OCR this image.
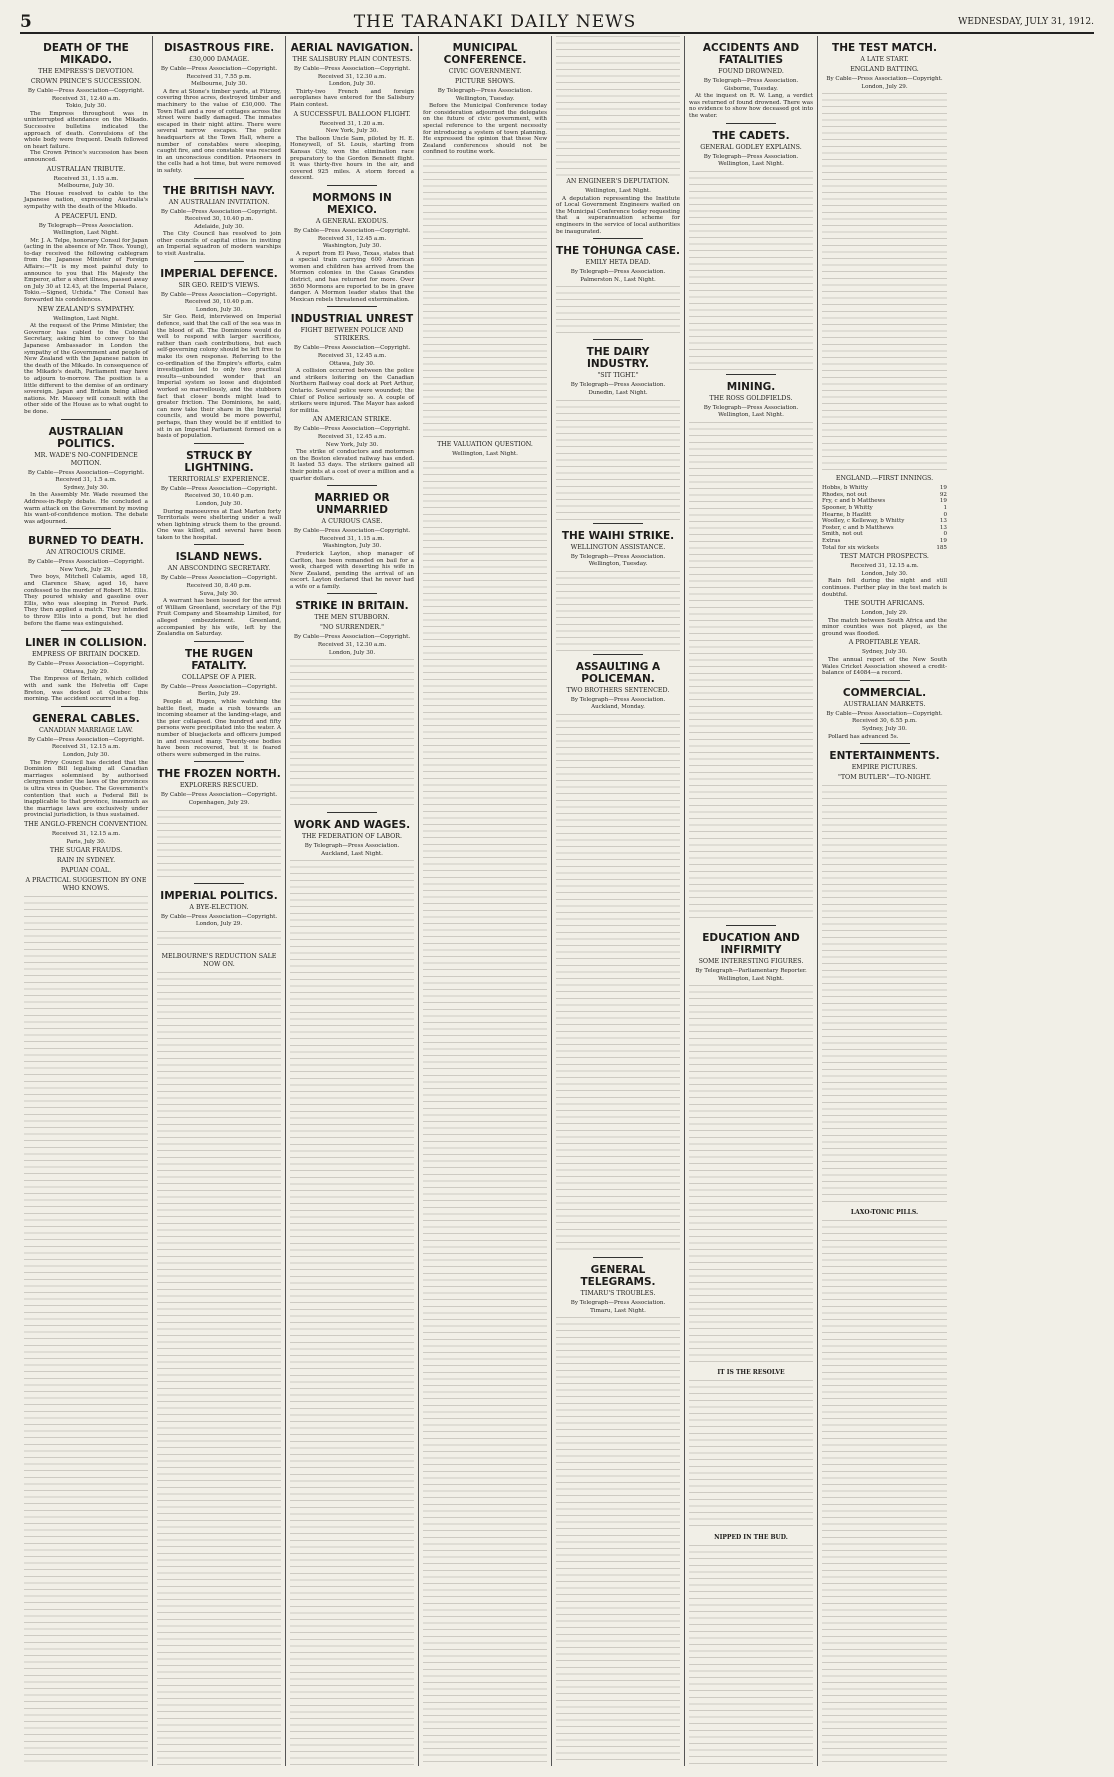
5	THE TARANAKI DAILY NEWS	WEDNESDAY, JULY 31, 1912.
DEATH OF THE MIKADO.
THE EMPRESS'S DEVOTION.
CROWN PRINCE'S SUCCESSION.
By Cable—Press Association—Copyright.
Received 31, 12.40 a.m.
Tokio, July 30.

The Empress throughout was in uninterrupted attendance on the Mikado. Successive bulletins indicated the approach of death. Convulsions of the whole body were frequent. Death followed on heart failure.

The Crown Prince's succession has been announced.

AUSTRALIAN TRIBUTE.
Received 31, 1.15 a.m.
Melbourne, July 30.

The House resolved to cable to the Japanese nation, expressing Australia's sympathy with the death of the Mikado.

A PEACEFUL END.
By Telegraph—Press Association.
Wellington, Last Night.

Mr. J. A. Telpe, honorary Consul for Japan (acting in the absence of Mr. Thos. Young), to-day received the following cablegram from the Japanese Minister of Foreign Affairs:—"It is my most painful duty to announce to you that His Majesty the Emperor, after a short illness, passed away on July 30 at 12.43, at the Imperial Palace, Tokio.—Signed, Uchida." The Consul has forwarded his condolences.

NEW ZEALAND'S SYMPATHY.
Wellington, Last Night.

At the request of the Prime Minister, the Governor has cabled to the Colonial Secretary, asking him to convey to the Japanese Ambassador in London the sympathy of the Government and people of New Zealand with the Japanese nation in the death of the Mikado. In consequence of the Mikado's death, Parliament may have to adjourn to-morrow. The position is a little different to the demise of an ordinary sovereign. Japan and Britain being allied nations. Mr. Massey will consult with the other side of the House as to what ought to be done.

AUSTRALIAN POLITICS.
MR. WADE'S NO-CONFIDENCE MOTION.
By Cable—Press Association—Copyright.
Received 31, 1.5 a.m.
Sydney, July 30.

In the Assembly Mr. Wade resumed the Address-in-Reply debate. He concluded a warm attack on the Government by moving his want-of-confidence motion. The debate was adjourned.

BURNED TO DEATH.
AN ATROCIOUS CRIME.
By Cable—Press Association—Copyright.
New York, July 29.

Two boys, Mitchell Calamis, aged 18, and Clarence Shaw, aged 16, have confessed to the murder of Robert M. Ellis. They poured whisky and gasoline over Ellis, who was sleeping in Forest Park. They then applied a match. They intended to throw Ellis into a pond, but he died before the flame was extinguished.

LINER IN COLLISION.
EMPRESS OF BRITAIN DOCKED.
By Cable—Press Association—Copyright.
Ottawa, July 29.

The Empress of Britain, which collided with and sank the Helvetia off Cape Breton, was docked at Quebec this morning. The accident occurred in a fog.

GENERAL CABLES.
CANADIAN MARRIAGE LAW.
By Cable—Press Association—Copyright.
Received 31, 12.15 a.m.
London, July 30.

The Privy Council has decided that the Dominion Bill legalising all Canadian marriages solemnised by authorised clergymen under the laws of the provinces is ultra vires in Quebec. The Government's contention that such a Federal Bill is inapplicable to that province, inasmuch as the marriage laws are exclusively under provincial jurisdiction, is thus sustained.

THE ANGLO-FRENCH CONVENTION.
Received 31, 12.15 a.m.
Paris, July 30.
THE SUGAR FRAUDS.
RAIN IN SYDNEY.
PAPUAN COAL.
A PRACTICAL SUGGESTION BY ONE WHO KNOWS.
DISASTROUS FIRE.
£30,000 DAMAGE.
By Cable—Press Association—Copyright.
Received 31, 7.55 p.m.
Melbourne, July 30.

A fire at Stone's timber yards, at Fitzroy, covering three acres, destroyed timber and machinery to the value of £30,000. The Town Hall and a row of cottages across the street were badly damaged. The inmates escaped in their night attire. There were several narrow escapes. The police headquarters at the Town Hall, where a number of constables were sleeping, caught fire, and one constable was rescued in an unconscious condition. Prisoners in the cells had a hot time, but were removed in safety.

THE BRITISH NAVY.
AN AUSTRALIAN INVITATION.
By Cable—Press Association—Copyright.
Received 30, 10.40 p.m.
Adelaide, July 30.

The City Council has resolved to join other councils of capital cities in inviting an Imperial squadron of modern warships to visit Australia.

IMPERIAL DEFENCE.
SIR GEO. REID'S VIEWS.
By Cable—Press Association—Copyright.
Received 30, 10.40 p.m.
London, July 30.

Sir Geo. Reid, interviewed on Imperial defence, said that the call of the sea was in the blood of all. The Dominions would do well to respond with larger sacrifices, rather than cash contributions, but each self-governing colony should be left free to make its own response. Referring to the co-ordination of the Empire's efforts, calm investigation led to only two practical results—unbounded wonder that an Imperial system so loose and disjointed worked so marvellously, and the stubborn fact that closer bonds might lead to greater friction. The Dominions, he said, can now take their share in the Imperial councils, and would be more powerful, perhaps, than they would be if entitled to sit in an Imperial Parliament formed on a basis of population.

STRUCK BY LIGHTNING.
TERRITORIALS' EXPERIENCE.
By Cable—Press Association—Copyright.
Received 30, 10.40 p.m.
London, July 30.

During manoeuvres at East Marton forty Territorials were sheltering under a wall when lightning struck them to the ground. One was killed, and several have been taken to the hospital.

ISLAND NEWS.
AN ABSCONDING SECRETARY.
By Cable—Press Association—Copyright.
Received 30, 8.40 p.m.
Suva, July 30.

A warrant has been issued for the arrest of William Greenland, secretary of the Fiji Fruit Company and Steamship Limited, for alleged embezzlement. Greenland, accompanied by his wife, left by the Zealandia on Saturday.

THE RUGEN FATALITY.
COLLAPSE OF A PIER.
By Cable—Press Association—Copyright.
Berlin, July 29.

People at Rugen, while watching the battle fleet, made a rush towards an incoming steamer at the landing-stage, and the pier collapsed. One hundred and fifty persons were precipitated into the water. A number of bluejackets and officers jumped in and rescued many. Twenty-one bodies have been recovered, but it is feared others were submerged in the ruins.

THE FROZEN NORTH.
EXPLORERS RESCUED.
By Cable—Press Association—Copyright.
Copenhagen, July 29.
IMPERIAL POLITICS.
A BYE-ELECTION.
By Cable—Press Association—Copyright.
London, July 29.
MELBOURNE'S REDUCTION SALE NOW ON.
AERIAL NAVIGATION.
THE SALISBURY PLAIN CONTESTS.
By Cable—Press Association—Copyright.
Received 31, 12.30 a.m.
London, July 30.

Thirty-two French and foreign aeroplanes have entered for the Salisbury Plain contest.

A SUCCESSFUL BALLOON FLIGHT.
Received 31, 1.20 a.m.
New York, July 30.

The balloon Uncle Sam, piloted by H. E. Honeywell, of St. Louis, starting from Kansas City, won the elimination race preparatory to the Gordon Bennett flight. It was thirty-five hours in the air, and covered 925 miles. A storm forced a descent.

MORMONS IN MEXICO.
A GENERAL EXODUS.
By Cable—Press Association—Copyright.
Received 31, 12.45 a.m.
Washington, July 30.

A report from El Paso, Texas, states that a special train carrying 600 American women and children has arrived from the Mormon colonies in the Casas Grandes district, and has returned for more. Over 3650 Mormons are reported to be in grave danger. A Mormon leader states that the Mexican rebels threatened extermination.

INDUSTRIAL UNREST
FIGHT BETWEEN POLICE AND STRIKERS.
By Cable—Press Association—Copyright.
Received 31, 12.45 a.m.
Ottawa, July 30.

A collision occurred between the police and strikers loitering on the Canadian Northern Railway coal dock at Port Arthur, Ontario. Several police were wounded; the Chief of Police seriously so. A couple of strikers were injured. The Mayor has asked for militia.

AN AMERICAN STRIKE.
By Cable—Press Association—Copyright.
Received 31, 12.45 a.m.
New York, July 30.

The strike of conductors and motormen on the Boston elevated railway has ended. It lasted 53 days. The strikers gained all their points at a cost of over a million and a quarter dollars.

MARRIED OR UNMARRIED
A CURIOUS CASE.
By Cable—Press Association—Copyright.
Received 31, 1.15 a.m.
Washington, July 30.

Frederick Layton, shop manager of Carlton, has been remanded on bail for a week, charged with deserting his wife in New Zealand, pending the arrival of an escort. Layton declared that he never had a wife or a family.

STRIKE IN BRITAIN.
THE MEN STUBBORN.
"NO SURRENDER."
By Cable—Press Association—Copyright.
Received 31, 12.30 a.m.
London, July 30.
WORK AND WAGES.
THE FEDERATION OF LABOR.
By Telegraph—Press Association.
Auckland, Last Night.
MUNICIPAL CONFERENCE.
CIVIC GOVERNMENT.
PICTURE SHOWS.
By Telegraph—Press Association.
Wellington, Tuesday.

Before the Municipal Conference today for consideration adjourned the delegates on the future of civic government, with special reference to the urgent necessity for introducing a system of town planning. He expressed the opinion that these New Zealand conferences should not be confined to routine work.

THE VALUATION QUESTION.
Wellington, Last Night.
AN ENGINEER'S DEPUTATION.
Wellington, Last Night.

A deputation representing the Institute of Local Government Engineers waited on the Municipal Conference today requesting that a superannuation scheme for engineers in the service of local authorities be inaugurated.

THE TOHUNGA CASE.
EMILY HETA DEAD.
By Telegraph—Press Association.
Palmerston N., Last Night.
THE DAIRY INDUSTRY.
"SIT TIGHT."
By Telegraph—Press Association.
Dunedin, Last Night.
THE WAIHI STRIKE.
WELLINGTON ASSISTANCE.
By Telegraph—Press Association.
Wellington, Tuesday.
ASSAULTING A POLICEMAN.
TWO BROTHERS SENTENCED.
By Telegraph—Press Association.
Auckland, Monday.
GENERAL TELEGRAMS.
TIMARU'S TROUBLES.
By Telegraph—Press Association.
Timaru, Last Night.
ACCIDENTS AND FATALITIES
FOUND DROWNED.
By Telegraph—Press Association.
Gisborne, Tuesday.

At the inquest on R. W. Lang, a verdict was returned of found drowned. There was no evidence to show how deceased got into the water.

THE CADETS.
GENERAL GODLEY EXPLAINS.
By Telegraph—Press Association.
Wellington, Last Night.
MINING.
THE ROSS GOLDFIELDS.
By Telegraph—Press Association.
Wellington, Last Night.
EDUCATION AND INFIRMITY
SOME INTERESTING FIGURES.
By Telegraph—Parliamentary Reporter.
Wellington, Last Night.
IT IS THE RESOLVE
NIPPED IN THE BUD.
THE TEST MATCH.
A LATE START.
ENGLAND BATTING.
By Cable—Press Association—Copyright.
London, July 29.
ENGLAND.—FIRST INNINGS.
Hobbs, b Whitty	19
Rhodes, not out	92
Fry, c and b Matthews	19
Spooner, b Whitty	1
Hearne, b Hazlitt	0
Woolley, c Kelleway, b Whitty	13
Foster, c and b Matthews	13
Smith, not out	0
Extras	19
Total for six wickets	185
TEST MATCH PROSPECTS.
Received 31, 12.15 a.m.
London, July 30.

Rain fell during the night and still continues. Further play in the test match is doubtful.

THE SOUTH AFRICANS.
London, July 29.

The match between South Africa and the minor counties was not played, as the ground was flooded.

A PROFITABLE YEAR.
Sydney, July 30.

The annual report of the New South Wales Cricket Association showed a credit-balance of £4084—a record.

COMMERCIAL.
AUSTRALIAN MARKETS.
By Cable—Press Association—Copyright.
Received 30, 6.55 p.m.
Sydney, July 30.

Pollard has advanced 5s.

ENTERTAINMENTS.
EMPIRE PICTURES.
"TOM BUTLER"—TO-NIGHT.
LAXO-TONIC PILLS.
